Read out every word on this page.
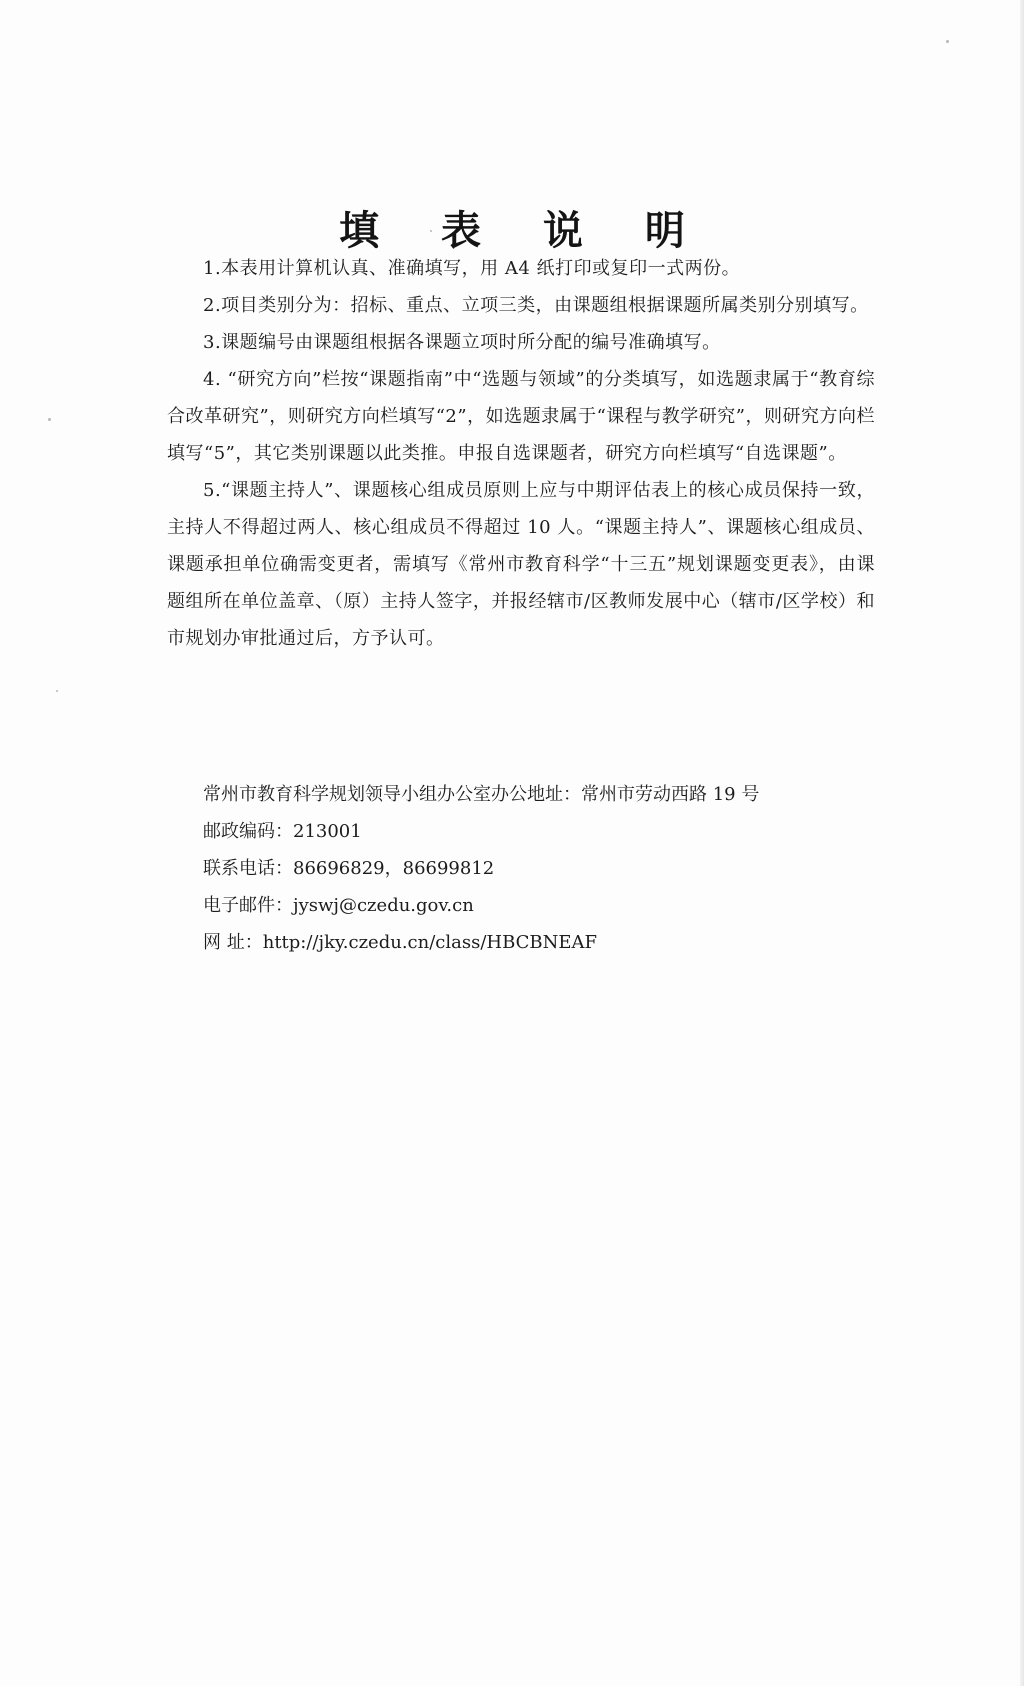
填 表 说 明

1.本表用计算机认真、准确填写，用 A4 纸打印或复印一式两份。

2.项目类别分为：招标、重点、立项三类，由课题组根据课题所属类别分别填写。

3.课题编号由课题组根据各课题立项时所分配的编号准确填写。

4. “研究方向”栏按“课题指南”中“选题与领域”的分类填写，如选题隶属于“教育综合改革研究”，则研究方向栏填写“2”，如选题隶属于“课程与教学研究”，则研究方向栏填写“5”，其它类别课题以此类推。申报自选课题者，研究方向栏填写“自选课题”。

5.“课题主持人”、课题核心组成员原则上应与中期评估表上的核心成员保持一致，主持人不得超过两人、核心组成员不得超过 10 人。“课题主持人”、课题核心组成员、课题承担单位确需变更者，需填写《常州市教育科学“十三五”规划课题变更表》，由课题组所在单位盖章、（原）主持人签字，并报经辖市/区教师发展中心（辖市/区学校）和市规划办审批通过后，方予认可。

常州市教育科学规划领导小组办公室办公地址：常州市劳动西路 19 号

邮政编码：213001

联系电话：86696829，86699812

电子邮件：jyswj@czedu.gov.cn

网 址：http://jky.czedu.cn/class/HBCBNEAF
